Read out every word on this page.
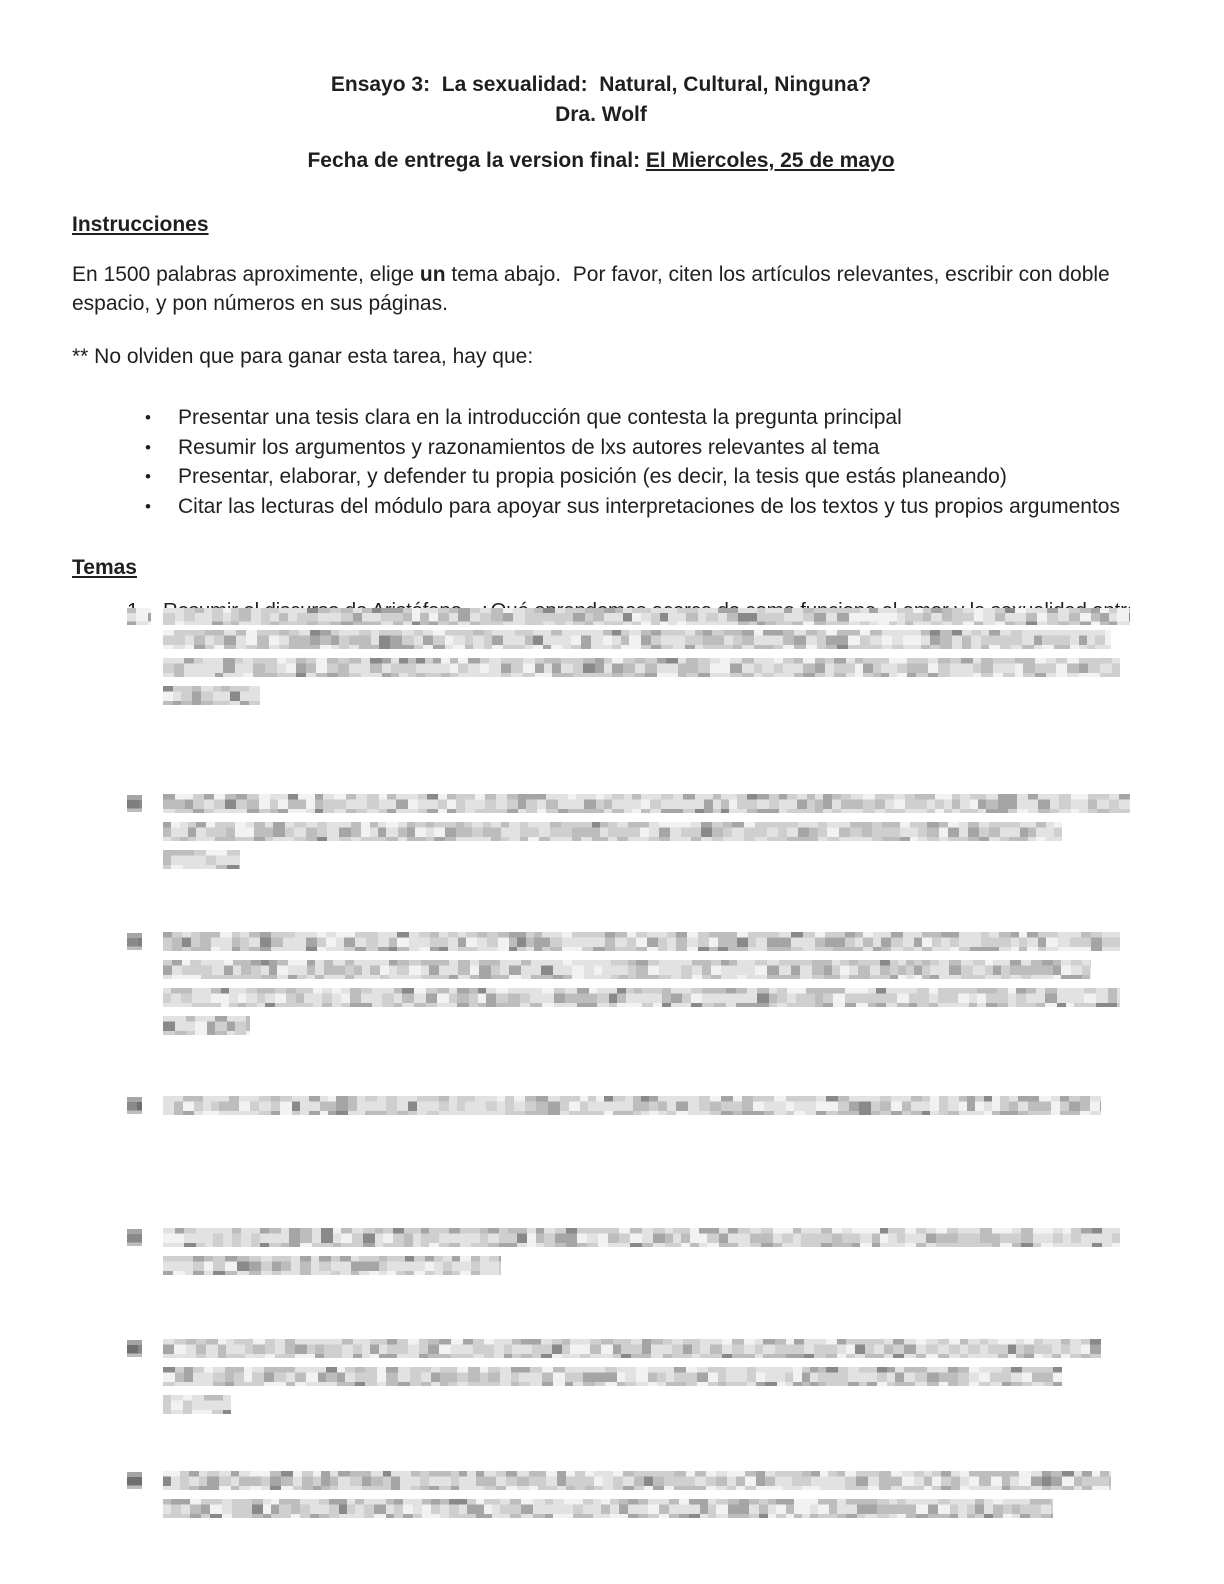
Ensayo 3:  La sexualidad:  Natural, Cultural, Ninguna?
Dra. Wolf
Fecha de entrega la version final: El Miercoles, 25 de mayo
Instrucciones

En 1500 palabras aproximente, elige un tema abajo.  Por favor, citen los artículos relevantes, escribir con doble espacio, y pon números en sus páginas.

** No olviden que para ganar esta tarea, hay que:

• Presentar una tesis clara en la introducción que contesta la pregunta principal
• Resumir los argumentos y razonamientos de lxs autores relevantes al tema
• Presentar, elaborar, y defender tu propia posición (es decir, la tesis que estás planeando)
• Citar las lecturas del módulo para apoyar sus interpretaciones de los textos y tus propios argumentos
Temas
